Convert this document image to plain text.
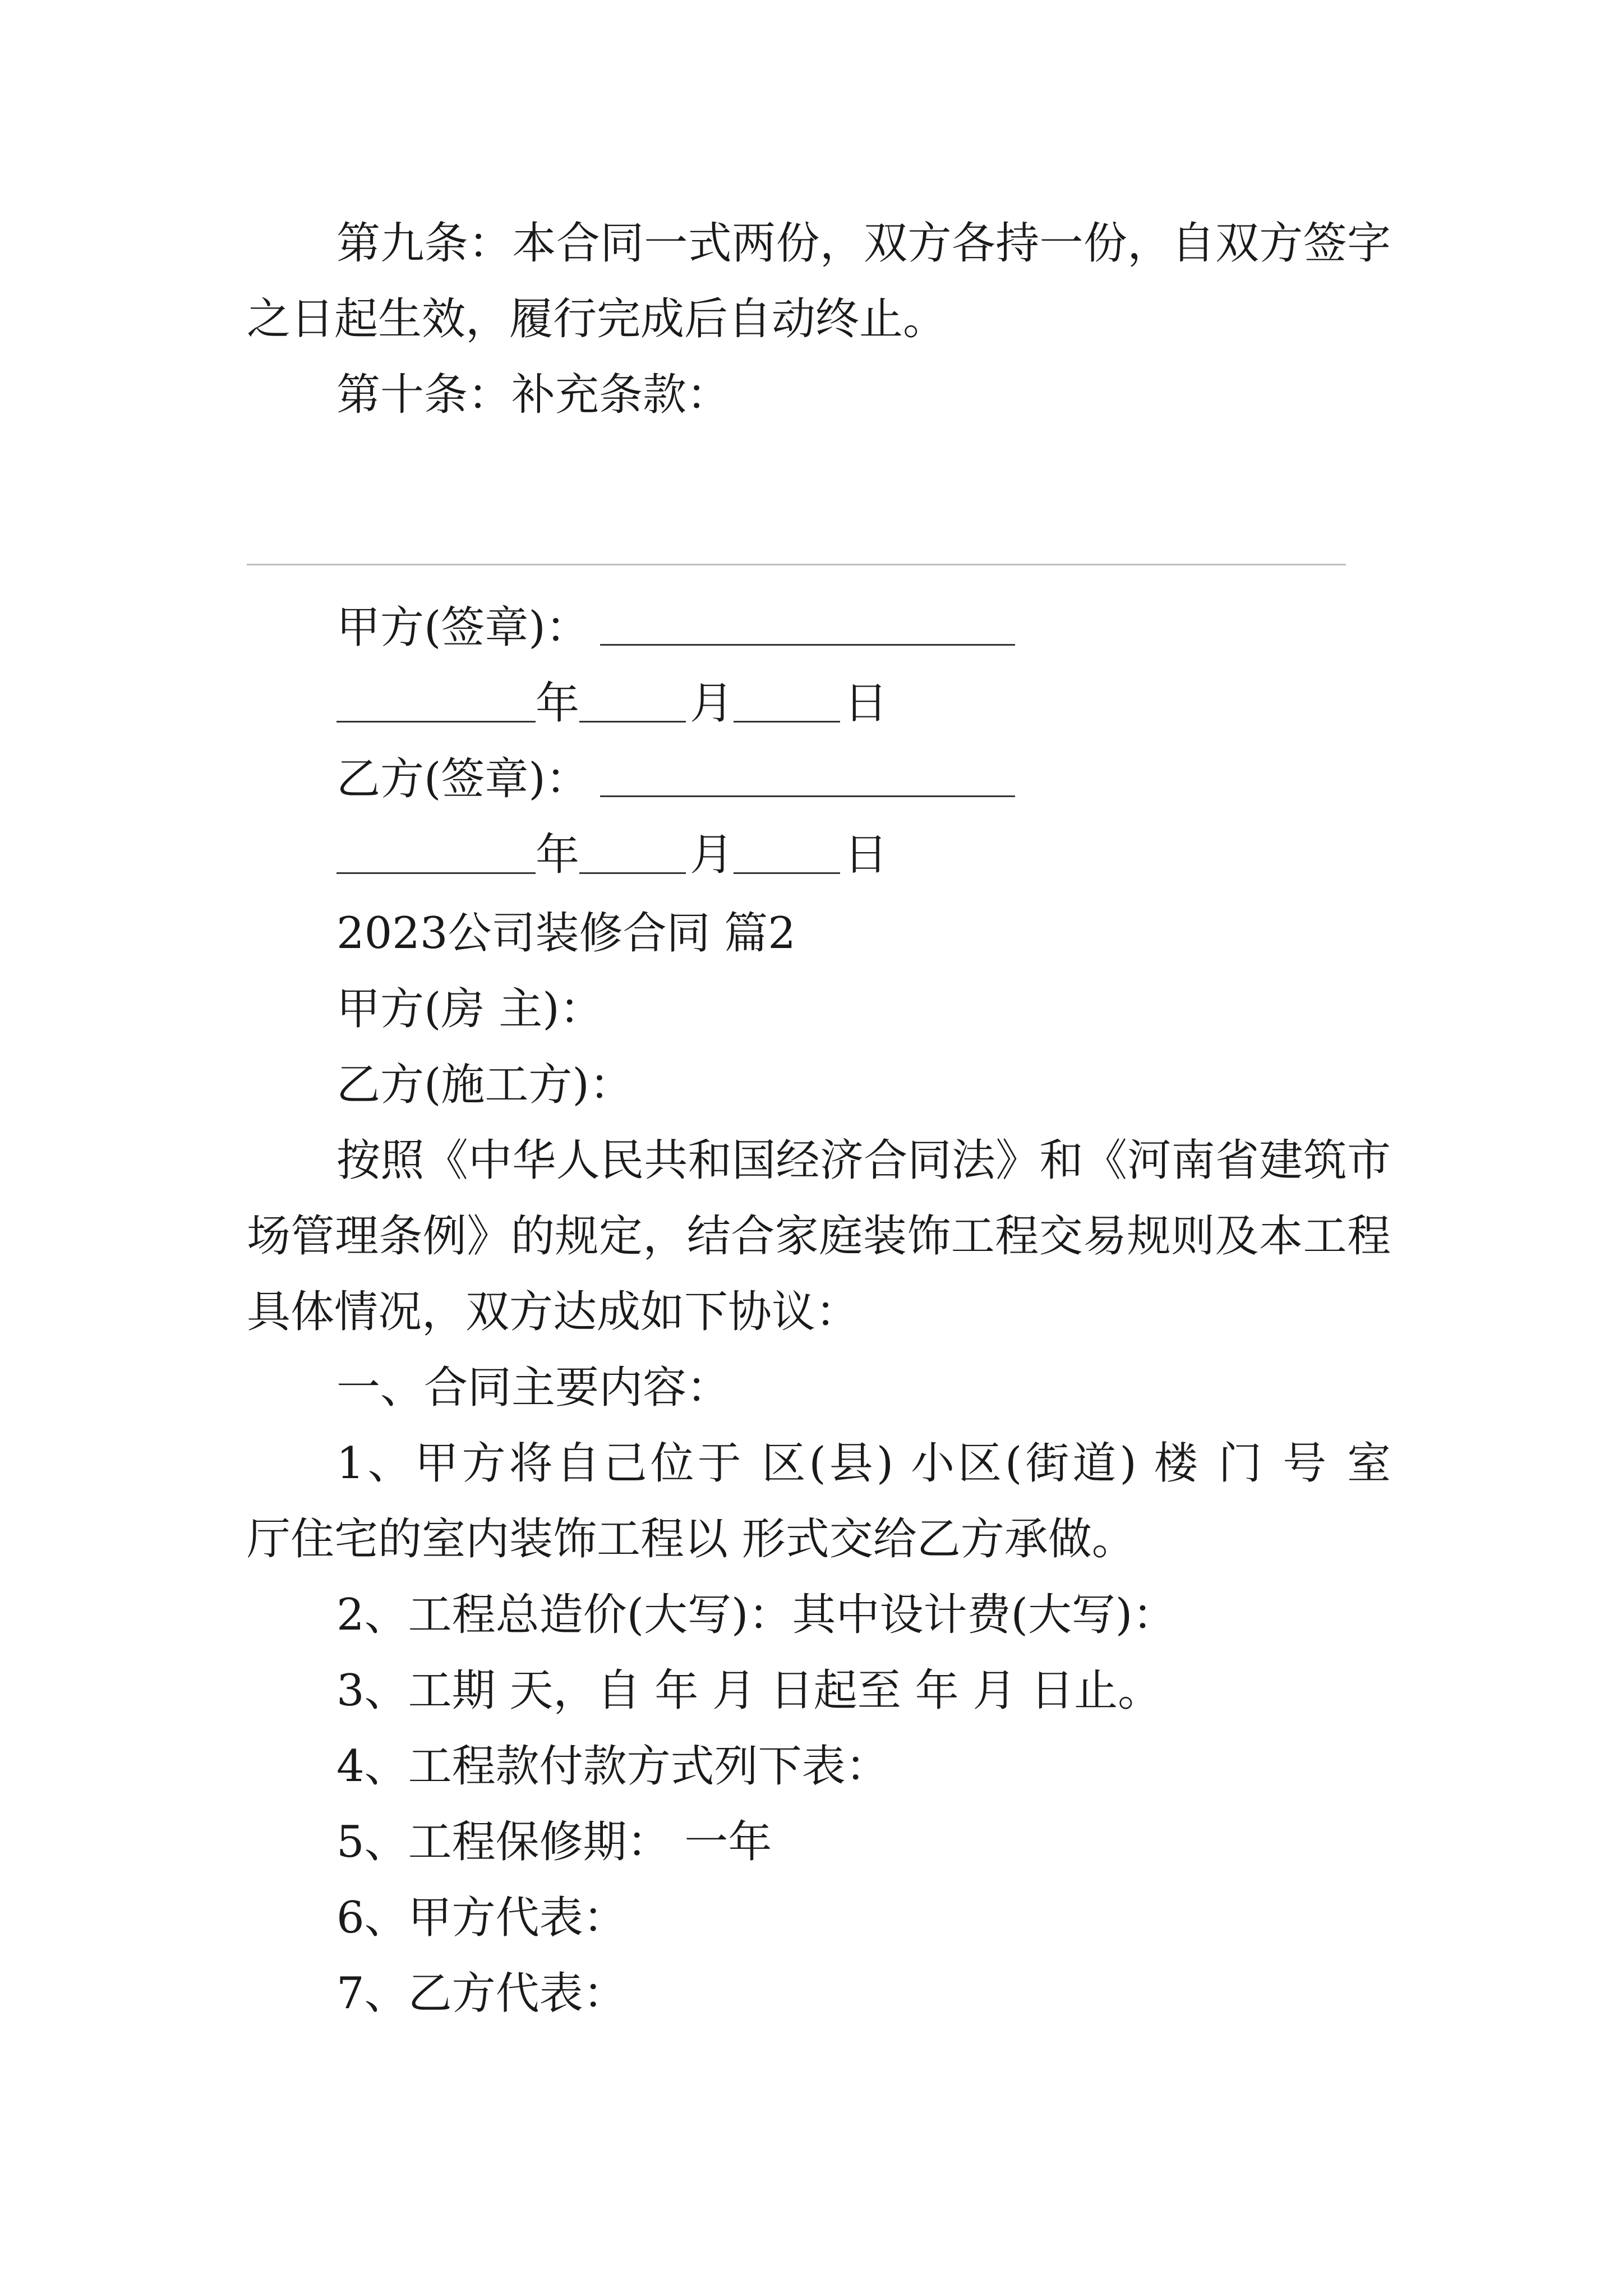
第九条：本合同一式两份，双方各持一份，自双方签字
之日起生效，履行完成后自动终止。
第十条：补充条款：
甲方(签章)：
年	月	日
乙方(签章)：
年	月	日
2023公司装修合同 篇2
甲方(房 主)：
乙方(施工方)：
按照《中华人民共和国经济合同法》和《河南省建筑市
场管理条例》的规定，结合家庭装饰工程交易规则及本工程
具体情况，双方达成如下协议：
一、合同主要内容：
1、甲方将自己位于 区(县) 小区(街道) 楼 门 号 室
厅住宅的室内装饰工程以 形式交给乙方承做。
2、工程总造价(大写)：其中设计费(大写)：
3、工期 天，自 年 月 日起至 年 月 日止。
4、工程款付款方式列下表：
5、工程保修期： 一年
6、甲方代表：
7、乙方代表：
